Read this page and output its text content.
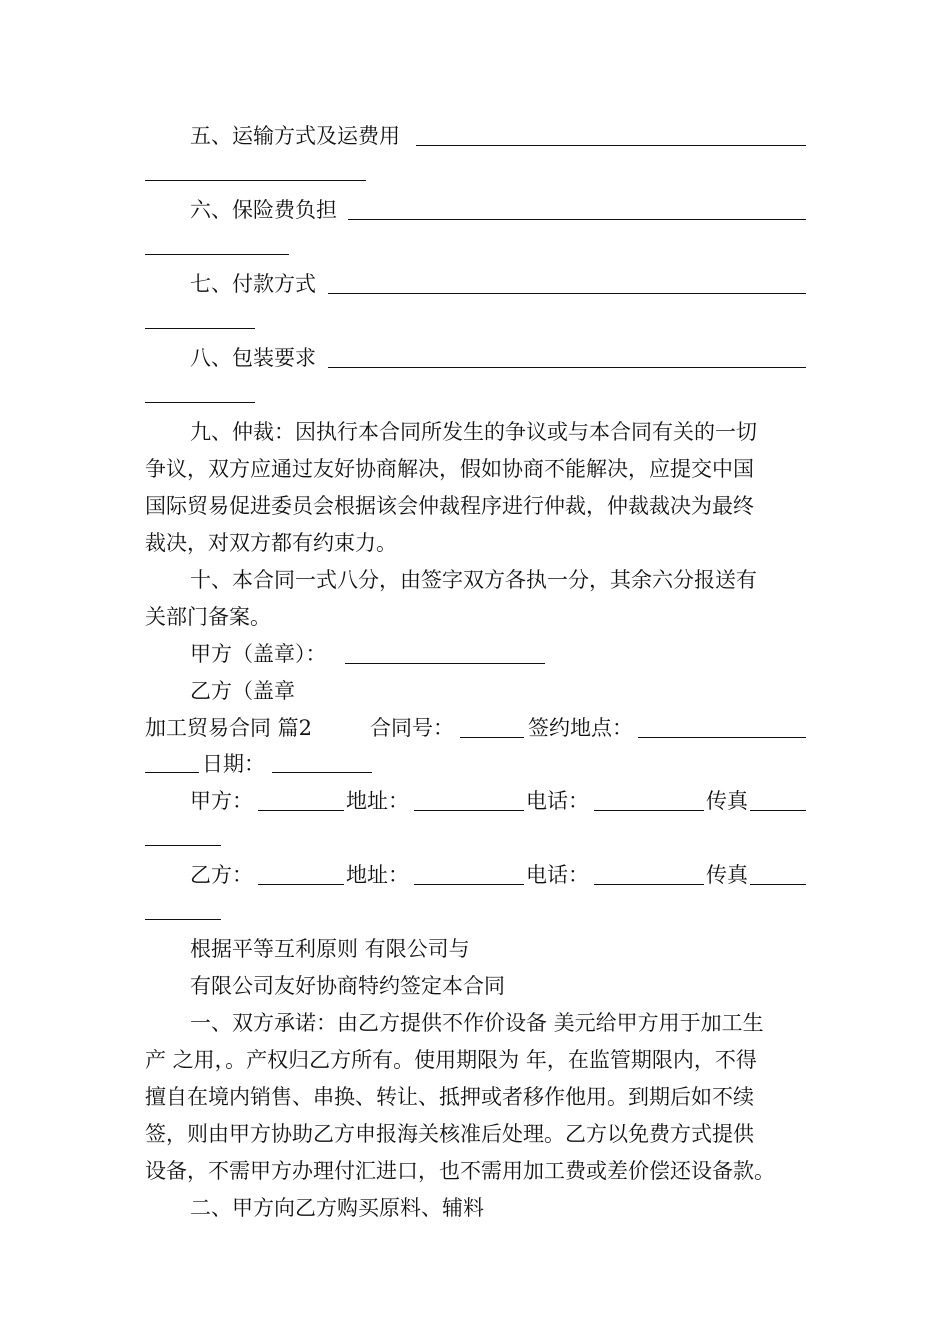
五、运输方式及运费用
六、保险费负担
七、付款方式
八、包装要求
九、仲裁：因执行本合同所发生的争议或与本合同有关的一切
争议，双方应通过友好协商解决，假如协商不能解决，应提交中国
国际贸易促进委员会根据该会仲裁程序进行仲裁，仲裁裁决为最终
裁决，对双方都有约束力。
十、本合同一式八分，由签字双方各执一分，其余六分报送有
关部门备案。
甲方（盖章）：
乙方（盖章
加工贸易合同 篇2	合同号：	签约地点：
日期：
甲方：	地址：	电话：	传真
乙方：	地址：	电话：	传真
根据平等互利原则 有限公司与
有限公司友好协商特约签定本合同
一、双方承诺：由乙方提供不作价设备 美元给甲方用于加工生
产 之用，。产权归乙方所有。使用期限为 年，在监管期限内，不得
擅自在境内销售、串换、转让、抵押或者移作他用。到期后如不续
签，则由甲方协助乙方申报海关核准后处理。乙方以免费方式提供
设备，不需甲方办理付汇进口，也不需用加工费或差价偿还设备款。
二、甲方向乙方购买原料、辅料
